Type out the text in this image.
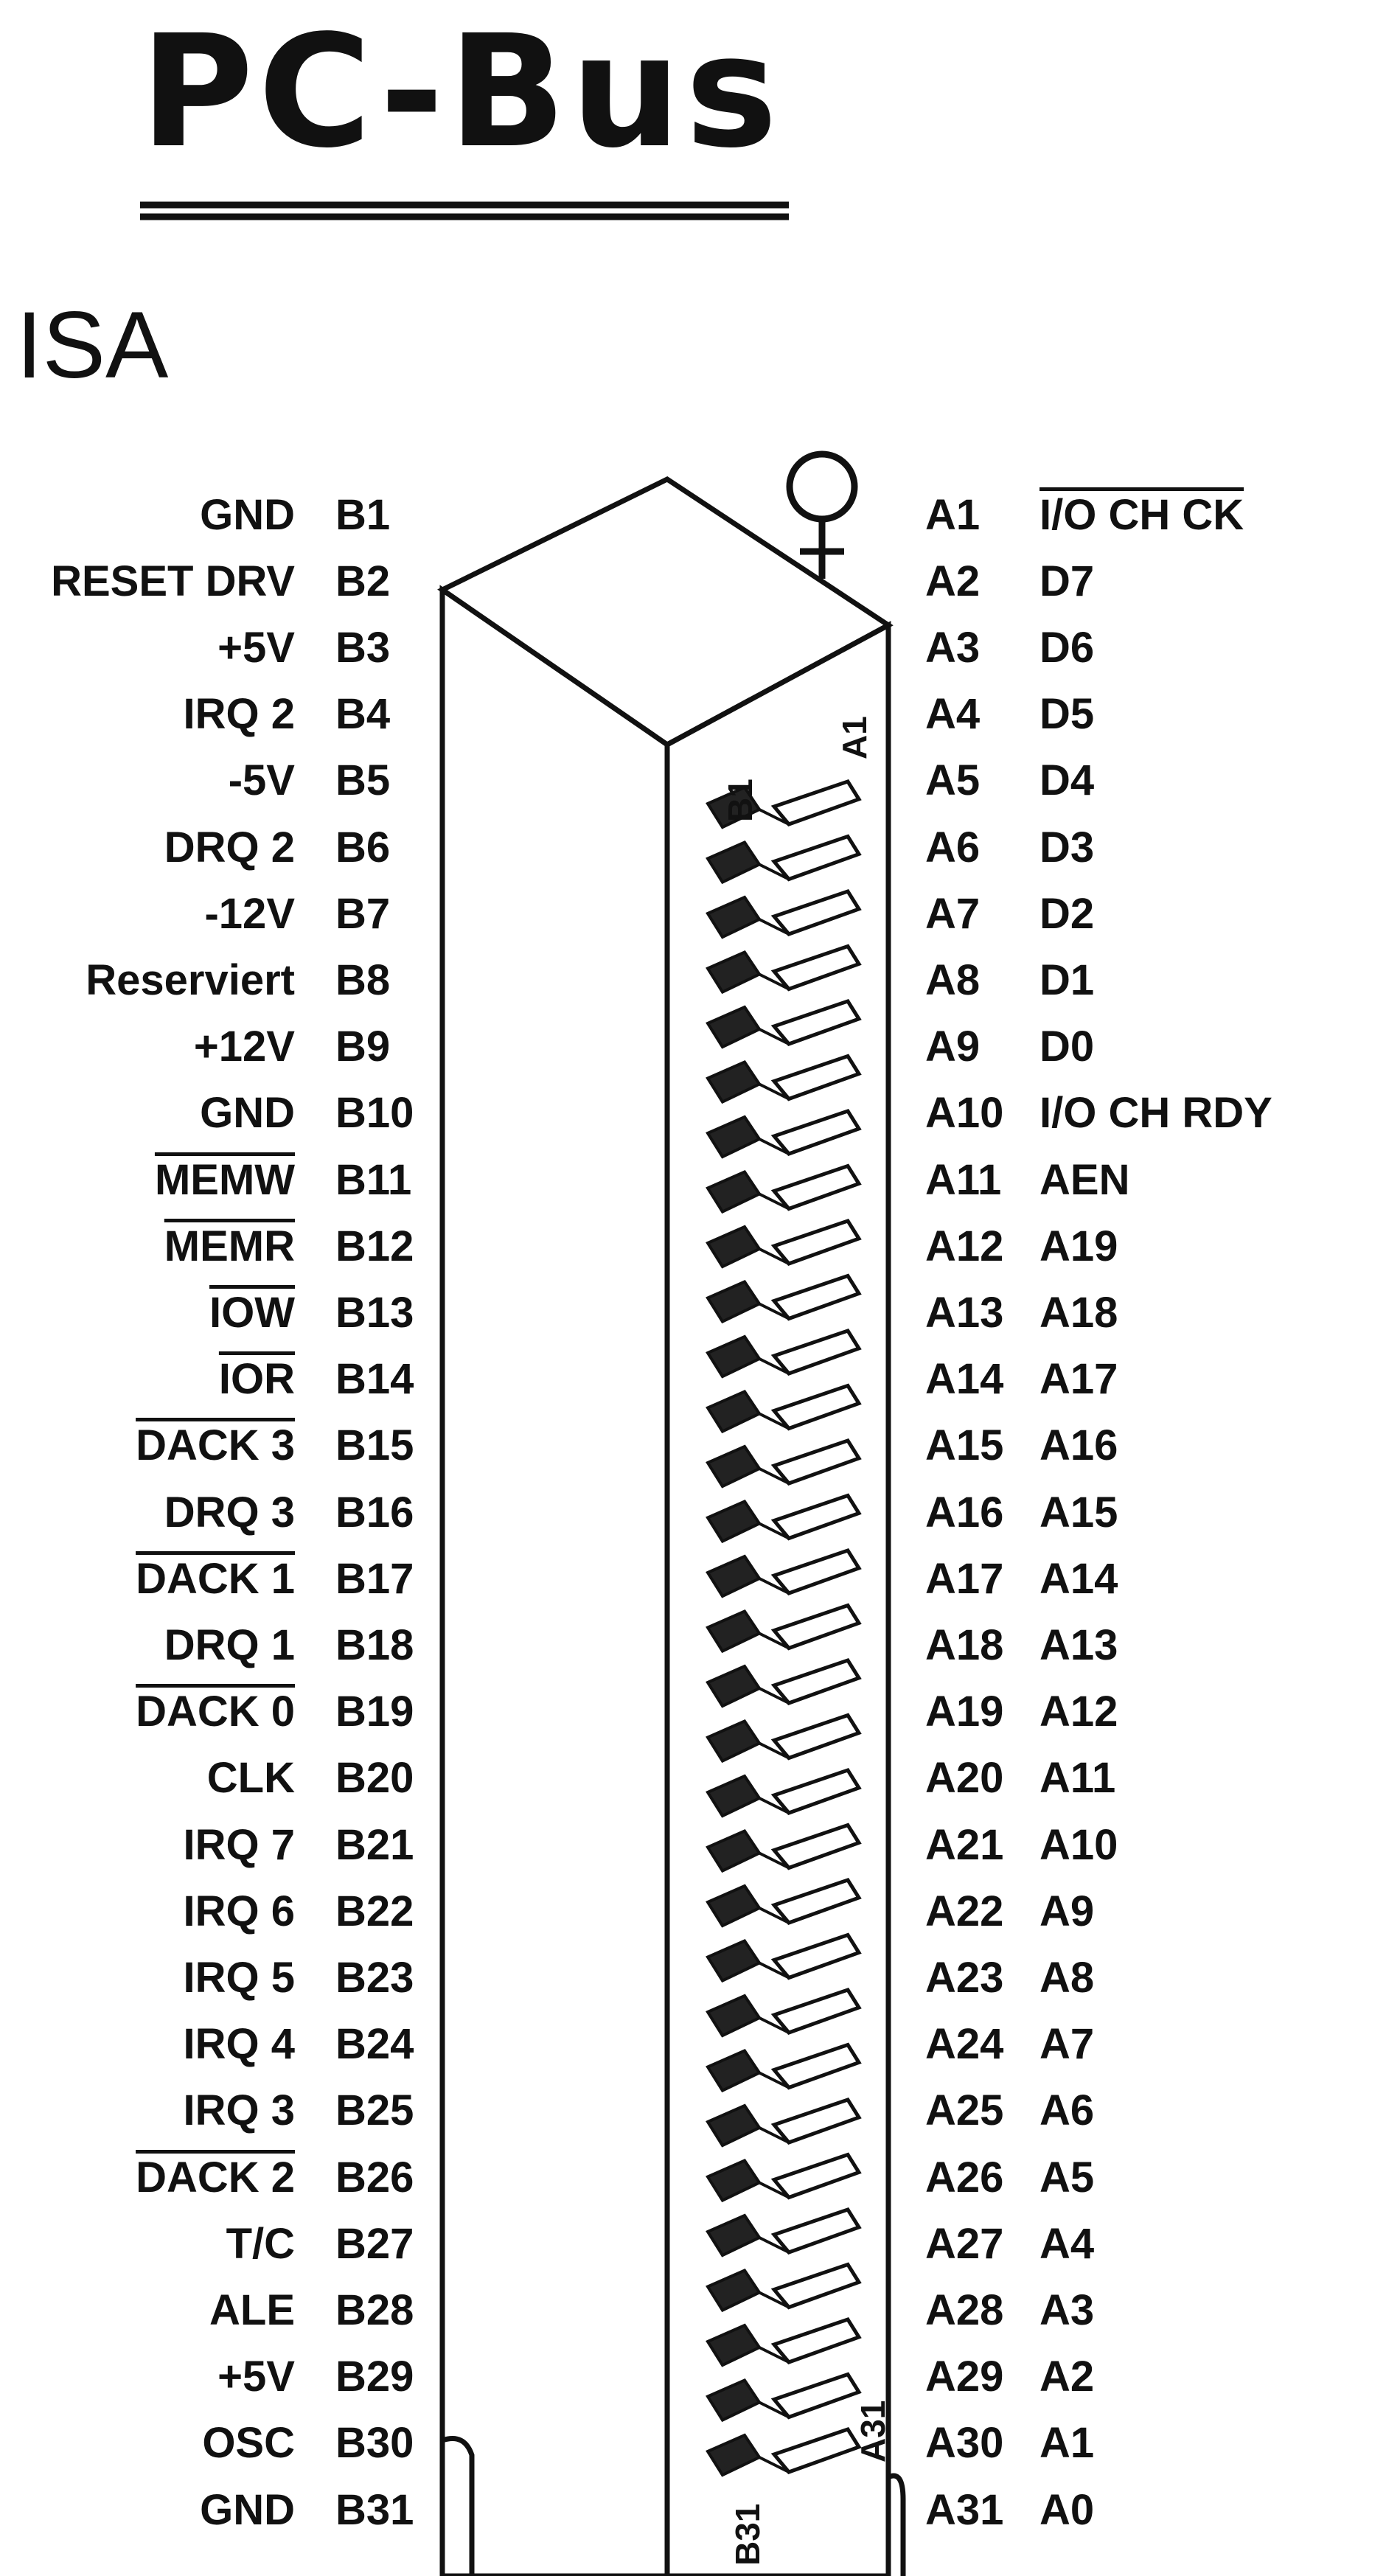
PC-Bus
ISA
A1
B1
A31
B31
GND B1	A1 I/O CH CK
RESET DRV B2	A2 D7
+5V B3	A3 D6
IRQ 2 B4	A4 D5
-5V B5	A5 D4
DRQ 2 B6	A6 D3
-12V B7	A7 D2
Reserviert B8	A8 D1
+12V B9	A9 D0
GND B10	A10 I/O CH RDY
MEMW B11	A11 AEN
MEMR B12	A12 A19
$\overline{IOW}$ B13	A13 A18
$\overline{IOR}$ B14	A14 A17
DACK 3 B15	A15 A16
DRQ 3 B16	A16 A15
DACK 1 B17	A17 A14
DRQ 1 B18	A18 A13
DACK 0 B19	A19 A12
CLK B20	A20 A11
IRQ 7 B21	A21 A10
IRQ 6 B22	A22 A9
IRQ 5 B23	A23 A8
IRQ 4 B24	A24 A7
IRQ 3 B25	A25 A6
DACK 2 B26	A26 A5
T/C B27	A27 A4
ALE B28	A28 A3
+5V B29	A29 A2
OSC B30	A30 A1
GND B31	A31 A0
